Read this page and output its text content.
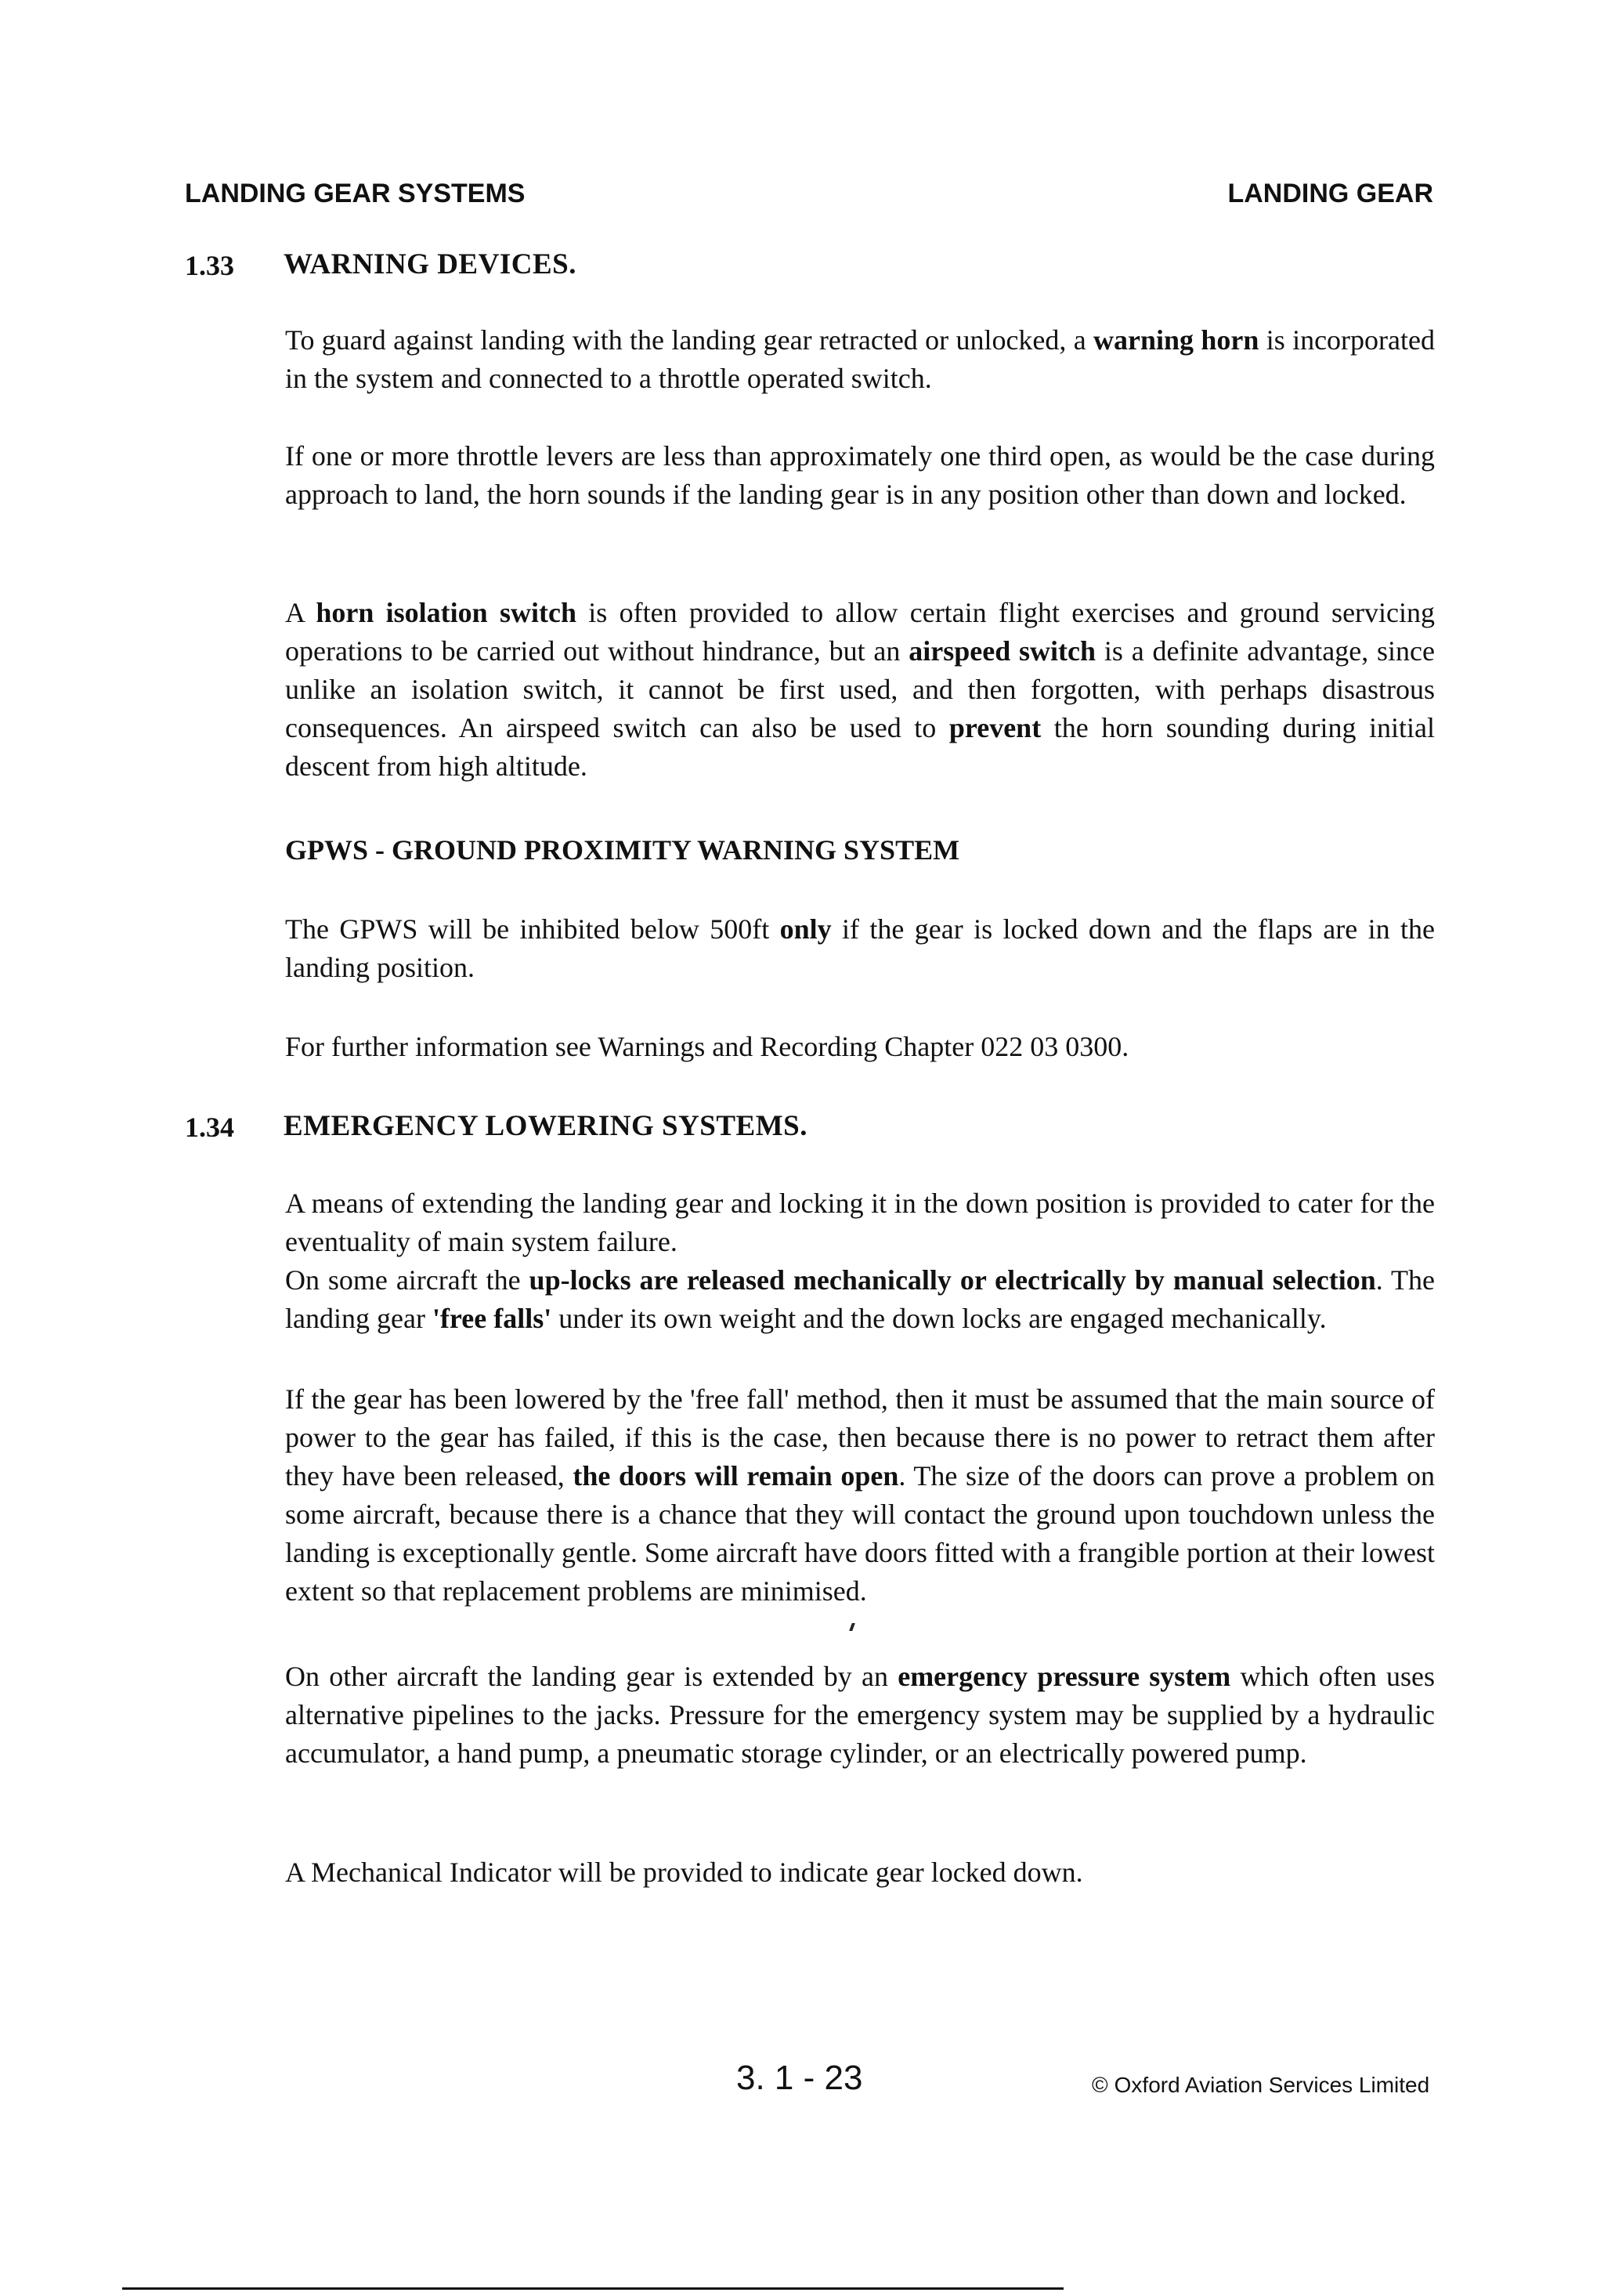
LANDING GEAR SYSTEMS	LANDING GEAR
1.33 WARNING DEVICES.

To guard against landing with the landing gear retracted or unlocked, a warning horn is incorporated in the system and connected to a throttle operated switch.

If one or more throttle levers are less than approximately one third open, as would be the case during approach to land, the horn sounds if the landing gear is in any position other than down and locked.

A horn isolation switch is often provided to allow certain flight exercises and ground servicing operations to be carried out without hindrance, but an airspeed switch is a definite advantage, since unlike an isolation switch, it cannot be first used, and then forgotten, with perhaps disastrous consequences. An airspeed switch can also be used to prevent the horn sounding during initial descent from high altitude.

GPWS - GROUND PROXIMITY WARNING SYSTEM

The GPWS will be inhibited below 500ft only if the gear is locked down and the flaps are in the landing position.

For further information see Warnings and Recording Chapter 022 03 0300.

1.34 EMERGENCY LOWERING SYSTEMS.

A means of extending the landing gear and locking it in the down position is provided to cater for the eventuality of main system failure.
On some aircraft the up-locks are released mechanically or electrically by manual selection. The landing gear 'free falls' under its own weight and the down locks are engaged mechanically.

If the gear has been lowered by the 'free fall' method, then it must be assumed that the main source of power to the gear has failed, if this is the case, then because there is no power to retract them after they have been released, the doors will remain open. The size of the doors can prove a problem on some aircraft, because there is a chance that they will contact the ground upon touchdown unless the landing is exceptionally gentle. Some aircraft have doors fitted with a frangible portion at their lowest extent so that replacement problems are minimised.

On other aircraft the landing gear is extended by an emergency pressure system which often uses alternative pipelines to the jacks. Pressure for the emergency system may be supplied by a hydraulic accumulator, a hand pump, a pneumatic storage cylinder, or an electrically powered pump.

A Mechanical Indicator will be provided to indicate gear locked down.

3. 1 - 23	© Oxford Aviation Services Limited
